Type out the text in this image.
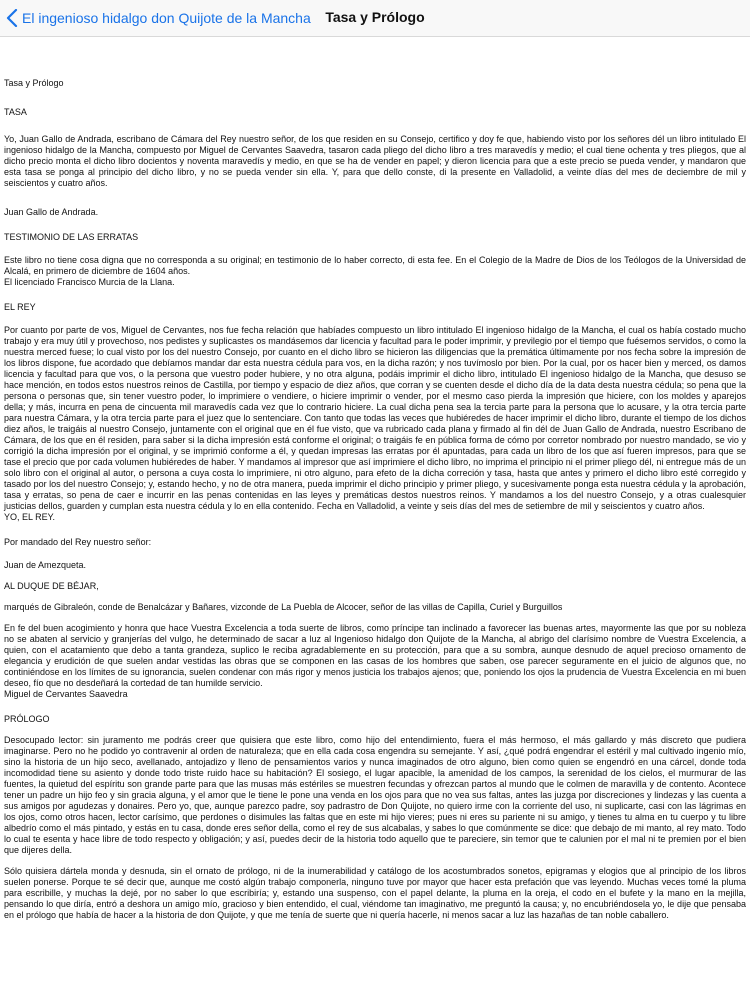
El ingenioso hidalgo don Quijote de la Mancha	Tasa y Prólogo

Tasa y Prólogo

TASA

Yo, Juan Gallo de Andrada, escribano de Cámara del Rey nuestro señor, de los que residen en su Consejo, certifico y doy fe que, habiendo visto por los señores dél un libro intitulado El ingenioso hidalgo de la Mancha, compuesto por Miguel de Cervantes Saavedra, tasaron cada pliego del dicho libro a tres maravedís y medio; el cual tiene ochenta y tres pliegos, que al dicho precio monta el dicho libro docientos y noventa maravedís y medio, en que se ha de vender en papel; y dieron licencia para que a este precio se pueda vender, y mandaron que esta tasa se ponga al principio del dicho libro, y no se pueda vender sin ella. Y, para que dello conste, di la presente en Valladolid, a veinte días del mes de deciembre de mil y seiscientos y cuatro años.

Juan Gallo de Andrada.

TESTIMONIO DE LAS ERRATAS

Este libro no tiene cosa digna que no corresponda a su original; en testimonio de lo haber correcto, di esta fee. En el Colegio de la Madre de Dios de los Teólogos de la Universidad de Alcalá, en primero de diciembre de 1604 años.

El licenciado Francisco Murcia de la Llana.

EL REY

Por cuanto por parte de vos, Miguel de Cervantes, nos fue fecha relación que habíades compuesto un libro intitulado El ingenioso hidalgo de la Mancha, el cual os había costado mucho trabajo y era muy útil y provechoso, nos pedistes y suplicastes os mandásemos dar licencia y facultad para le poder imprimir, y previlegio por el tiempo que fuésemos servidos, o como la nuestra merced fuese; lo cual visto por los del nuestro Consejo, por cuanto en el dicho libro se hicieron las diligencias que la premática últimamente por nos fecha sobre la impresión de los libros dispone, fue acordado que debíamos mandar dar esta nuestra cédula para vos, en la dicha razón; y nos tuvímoslo por bien. Por la cual, por os hacer bien y merced, os damos licencia y facultad para que vos, o la persona que vuestro poder hubiere, y no otra alguna, podáis imprimir el dicho libro, intitulado El ingenioso hidalgo de la Mancha, que desuso se hace mención, en todos estos nuestros reinos de Castilla, por tiempo y espacio de diez años, que corran y se cuenten desde el dicho día de la data desta nuestra cédula; so pena que la persona o personas que, sin tener vuestro poder, lo imprimiere o vendiere, o hiciere imprimir o vender, por el mesmo caso pierda la impresión que hiciere, con los moldes y aparejos della; y más, incurra en pena de cincuenta mil maravedís cada vez que lo contrario hiciere. La cual dicha pena sea la tercia parte para la persona que lo acusare, y la otra tercia parte para nuestra Cámara, y la otra tercia parte para el juez que lo sentenciare. Con tanto que todas las veces que hubiéredes de hacer imprimir el dicho libro, durante el tiempo de los dichos diez años, le traigáis al nuestro Consejo, juntamente con el original que en él fue visto, que va rubricado cada plana y firmado al fin dél de Juan Gallo de Andrada, nuestro Escribano de Cámara, de los que en él residen, para saber si la dicha impresión está conforme el original; o traigáis fe en pública forma de cómo por corretor nombrado por nuestro mandado, se vio y corrigió la dicha impresión por el original, y se imprimió conforme a él, y quedan impresas las erratas por él apuntadas, para cada un libro de los que así fueren impresos, para que se tase el precio que por cada volumen hubiéredes de haber. Y mandamos al impresor que así imprimiere el dicho libro, no imprima el principio ni el primer pliego dél, ni entregue más de un solo libro con el original al autor, o persona a cuya costa lo imprimiere, ni otro alguno, para efeto de la dicha correción y tasa, hasta que antes y primero el dicho libro esté corregido y tasado por los del nuestro Consejo; y, estando hecho, y no de otra manera, pueda imprimir el dicho principio y primer pliego, y sucesivamente ponga esta nuestra cédula y la aprobación, tasa y erratas, so pena de caer e incurrir en las penas contenidas en las leyes y premáticas destos nuestros reinos. Y mandamos a los del nuestro Consejo, y a otras cualesquier justicias dellos, guarden y cumplan esta nuestra cédula y lo en ella contenido. Fecha en Valladolid, a veinte y seis días del mes de setiembre de mil y seiscientos y cuatro años.

YO, EL REY.

Por mandado del Rey nuestro señor:

Juan de Amezqueta.

AL DUQUE DE BÉJAR,

marqués de Gibraleón, conde de Benalcázar y Bañares, vizconde de La Puebla de Alcocer, señor de las villas de Capilla, Curiel y Burguillos

En fe del buen acogimiento y honra que hace Vuestra Excelencia a toda suerte de libros, como príncipe tan inclinado a favorecer las buenas artes, mayormente las que por su nobleza no se abaten al servicio y granjerías del vulgo, he determinado de sacar a luz al Ingenioso hidalgo don Quijote de la Mancha, al abrigo del clarísimo nombre de Vuestra Excelencia, a quien, con el acatamiento que debo a tanta grandeza, suplico le reciba agradablemente en su protección, para que a su sombra, aunque desnudo de aquel precioso ornamento de elegancia y erudición de que suelen andar vestidas las obras que se componen en las casas de los hombres que saben, ose parecer seguramente en el juicio de algunos que, no continiéndose en los límites de su ignorancia, suelen condenar con más rigor y menos justicia los trabajos ajenos; que, poniendo los ojos la prudencia de Vuestra Excelencia en mi buen deseo, fío que no desdeñará la cortedad de tan humilde servicio.

Miguel de Cervantes Saavedra

PRÓLOGO

Desocupado lector: sin juramento me podrás creer que quisiera que este libro, como hijo del entendimiento, fuera el más hermoso, el más gallardo y más discreto que pudiera imaginarse. Pero no he podido yo contravenir al orden de naturaleza; que en ella cada cosa engendra su semejante. Y así, ¿qué podrá engendrar el estéril y mal cultivado ingenio mío, sino la historia de un hijo seco, avellanado, antojadizo y lleno de pensamientos varios y nunca imaginados de otro alguno, bien como quien se engendró en una cárcel, donde toda incomodidad tiene su asiento y donde todo triste ruido hace su habitación? El sosiego, el lugar apacible, la amenidad de los campos, la serenidad de los cielos, el murmurar de las fuentes, la quietud del espíritu son grande parte para que las musas más estériles se muestren fecundas y ofrezcan partos al mundo que le colmen de maravilla y de contento. Acontece tener un padre un hijo feo y sin gracia alguna, y el amor que le tiene le pone una venda en los ojos para que no vea sus faltas, antes las juzga por discreciones y lindezas y las cuenta a sus amigos por agudezas y donaires. Pero yo, que, aunque parezco padre, soy padrastro de Don Quijote, no quiero irme con la corriente del uso, ni suplicarte, casi con las lágrimas en los ojos, como otros hacen, lector carísimo, que perdones o disimules las faltas que en este mi hijo vieres; pues ni eres su pariente ni su amigo, y tienes tu alma en tu cuerpo y tu libre albedrío como el más pintado, y estás en tu casa, donde eres señor della, como el rey de sus alcabalas, y sabes lo que comúnmente se dice: que debajo de mi manto, al rey mato. Todo lo cual te esenta y hace libre de todo respecto y obligación; y así, puedes decir de la historia todo aquello que te pareciere, sin temor que te calunien por el mal ni te premien por el bien que dijeres della.

Sólo quisiera dártela monda y desnuda, sin el ornato de prólogo, ni de la inumerabilidad y catálogo de los acostumbrados sonetos, epigramas y elogios que al principio de los libros suelen ponerse. Porque te sé decir que, aunque me costó algún trabajo componerla, ninguno tuve por mayor que hacer esta prefación que vas leyendo. Muchas veces tomé la pluma para escribille, y muchas la dejé, por no saber lo que escribiría; y, estando una suspenso, con el papel delante, la pluma en la oreja, el codo en el bufete y la mano en la mejilla, pensando lo que diría, entró a deshora un amigo mío, gracioso y bien entendido, el cual, viéndome tan imaginativo, me preguntó la causa; y, no encubriéndosela yo, le dije que pensaba en el prólogo que había de hacer a la historia de don Quijote, y que me tenía de suerte que ni quería hacerle, ni menos sacar a luz las hazañas de tan noble caballero.
